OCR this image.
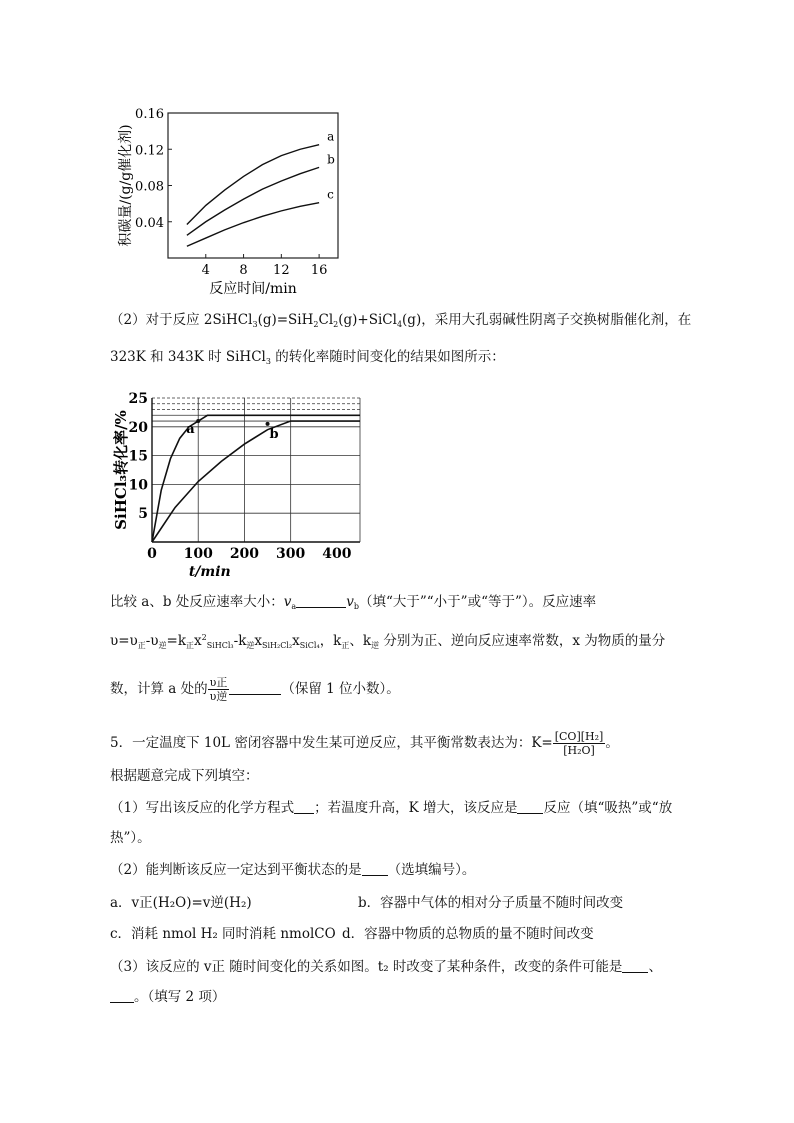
0.04
0.08
0.12
0.16
4 8 12 16
反应时间/min
积碳量/(g/g催化剂)	a
b
c
（2）对于反应 $2SiHCl_3(g)=SiH_2Cl_2(g)+SiCl_4(g)$，采用大孔弱碱性阴离子交换树脂催化剂，在
323K 和 343K 时 SiHCl$_3$ 的转化率随时间变化的结果如图所示：
5
10
15
20
25
0 100 200 300 400
t/min
SiHCl₃转化率/%	a	b
比较 a、b 处反应速率大小：$v_a$	$v_b$（填“大于”“小于”或“等于”）。反应速率
$\upsilon=\upsilon_正-\upsilon_逆=k_正x_{2SiHCl_3}-k_逆x_{SiH_2Cl_2}x_{SiCl_4}$，$k_正$、$k_逆$ 分别为正、逆向反应速率常数，x 为物质的量分
数，计算 a 处的 $\frac{\text{υ正}}{\text{υ逆}}$	（保留 1 位小数）。
5．一定温度下 10L 密闭容器中发生某可逆反应，其平衡常数表达为：$K= \frac{\text{[CO][H₂]}}{\text{[H₂O]}}$ 。
根据题意完成下列填空：
（1）写出该反应的化学方程式 ；若温度升高，K 增大，该反应是 反应（填“吸热”或“放
热”）。
（2）能判断该反应一定达到平衡状态的是 （选填编号）。
a．v正(H₂O)=v逆(H₂)	b．容器中气体的相对分子质量不随时间改变
c．消耗 nmol H₂ 同时消耗 nmolCO d．容器中物质的总物质的量不随时间改变
（3）该反应的 v正 随时间变化的关系如图。t₂ 时改变了某种条件，改变的条件可能是 、
。（填写 2 项）
